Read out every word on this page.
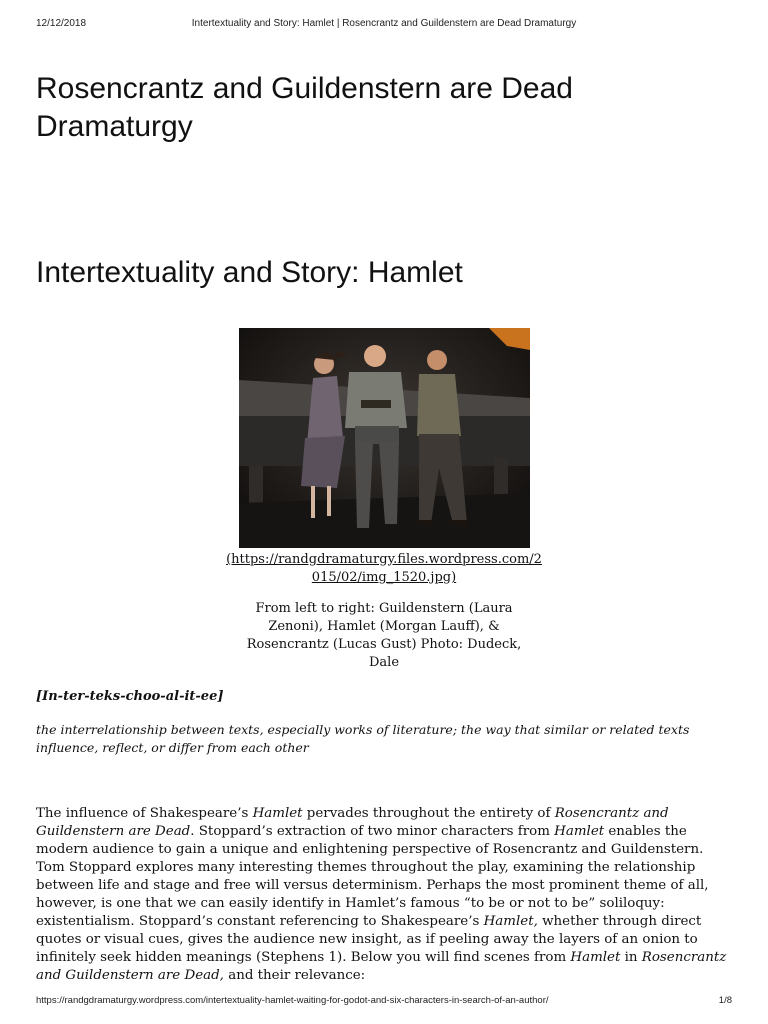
12/12/2018	Intertextuality and Story: Hamlet | Rosencrantz and Guildenstern are Dead Dramaturgy
Rosencrantz and Guildenstern are Dead Dramaturgy
Intertextuality and Story: Hamlet
(https://randgdramaturgy.files.wordpress.com/2015/02/img_1520.jpg)
From left to right: Guildenstern (Laura Zenoni), Hamlet (Morgan Lauff), & Rosencrantz (Lucas Gust) Photo: Dudeck, Dale
[In-ter-teks-choo-al-it-ee]
the interrelationship between texts, especially works of literature; the way that similar or related texts influence, reflect, or differ from each other

The influence of Shakespeare’s Hamlet pervades throughout the entirety of Rosencrantz and Guildenstern are Dead. Stoppard’s extraction of two minor characters from Hamlet enables the modern audience to gain a unique and enlightening perspective of Rosencrantz and Guildenstern. Tom Stoppard explores many interesting themes throughout the play, examining the relationship between life and stage and free will versus determinism. Perhaps the most prominent theme of all, however, is one that we can easily identify in Hamlet’s famous “to be or not to be” soliloquy: existentialism. Stoppard’s constant referencing to Shakespeare’s Hamlet, whether through direct quotes or visual cues, gives the audience new insight, as if peeling away the layers of an onion to infinitely seek hidden meanings (Stephens 1). Below you will find scenes from Hamlet in Rosencrantz and Guildenstern are Dead, and their relevance:

https://randgdramaturgy.wordpress.com/intertextuality-hamlet-waiting-for-godot-and-six-characters-in-search-of-an-author/	1/8
